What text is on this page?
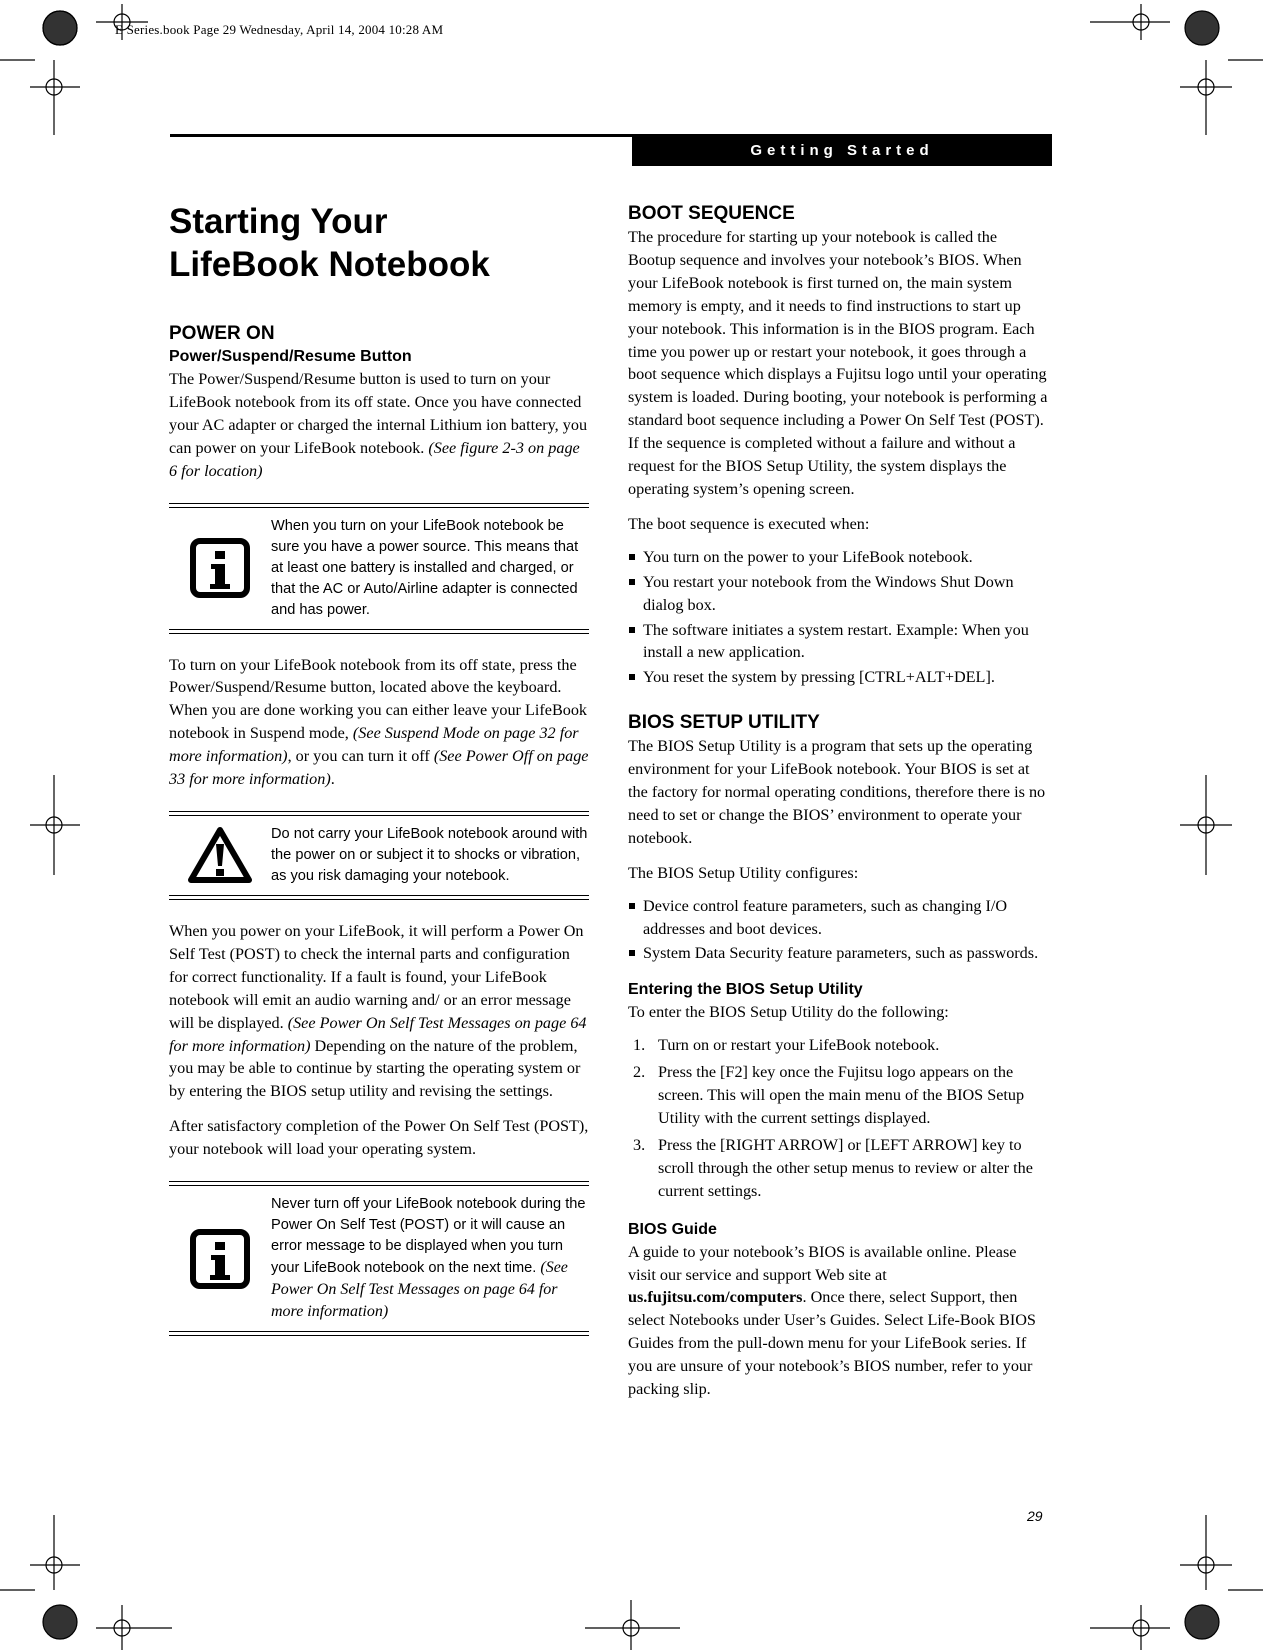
E Series.book Page 29 Wednesday, April 14, 2004 10:28 AM
Getting Started
Starting Your
LifeBook Notebook
POWER ON
Power/Suspend/Resume Button

The Power/Suspend/Resume button is used to turn on your LifeBook notebook from its off state. Once you have connected your AC adapter or charged the internal Lithium ion battery, you can power on your LifeBook notebook. (See figure 2-3 on page 6 for location)

When you turn on your LifeBook notebook be sure you have a power source. This means that at least one battery is installed and charged, or that the AC or Auto/Airline adapter is connected and has power.

To turn on your LifeBook notebook from its off state, press the Power/Suspend/Resume button, located above the keyboard. When you are done working you can either leave your LifeBook notebook in Suspend mode, (See Suspend Mode on page 32 for more information), or you can turn it off (See Power Off on page 33 for more information).

Do not carry your LifeBook notebook around with the power on or subject it to shocks or vibration, as you risk damaging your notebook.

When you power on your LifeBook, it will perform a Power On Self Test (POST) to check the internal parts and configuration for correct functionality. If a fault is found, your LifeBook notebook will emit an audio warning and/ or an error message will be displayed. (See Power On Self Test Messages on page 64 for more information) Depending on the nature of the problem, you may be able to continue by starting the operating system or by entering the BIOS setup utility and revising the settings.

After satisfactory completion of the Power On Self Test (POST), your notebook will load your operating system.

Never turn off your LifeBook notebook during the Power On Self Test (POST) or it will cause an error message to be displayed when you turn your LifeBook notebook on the next time. (See Power On Self Test Messages on page 64 for more information)
BOOT SEQUENCE

The procedure for starting up your notebook is called the Bootup sequence and involves your notebook’s BIOS. When your LifeBook notebook is first turned on, the main system memory is empty, and it needs to find instructions to start up your notebook. This information is in the BIOS program. Each time you power up or restart your notebook, it goes through a boot sequence which displays a Fujitsu logo until your operating system is loaded. During booting, your notebook is performing a standard boot sequence including a Power On Self Test (POST). If the sequence is completed without a failure and without a request for the BIOS Setup Utility, the system displays the operating system’s opening screen.

The boot sequence is executed when:

You turn on the power to your LifeBook notebook.
You restart your notebook from the Windows Shut Down dialog box.
The software initiates a system restart. Example: When you install a new application.
You reset the system by pressing [CTRL+ALT+DEL].
BIOS SETUP UTILITY

The BIOS Setup Utility is a program that sets up the operating environment for your LifeBook notebook. Your BIOS is set at the factory for normal operating conditions, therefore there is no need to set or change the BIOS’ environment to operate your notebook.

The BIOS Setup Utility configures:

Device control feature parameters, such as changing I/O addresses and boot devices.
System Data Security feature parameters, such as passwords.
Entering the BIOS Setup Utility

To enter the BIOS Setup Utility do the following:

1. Turn on or restart your LifeBook notebook.
2. Press the [F2] key once the Fujitsu logo appears on the screen. This will open the main menu of the BIOS Setup Utility with the current settings displayed.
3. Press the [RIGHT ARROW] or [LEFT ARROW] key to scroll through the other setup menus to review or alter the current settings.
BIOS Guide

A guide to your notebook’s BIOS is available online. Please visit our service and support Web site at us.fujitsu.com/computers. Once there, select Support, then select Notebooks under User’s Guides. Select Life-Book BIOS Guides from the pull-down menu for your LifeBook series. If you are unsure of your notebook’s BIOS number, refer to your packing slip.

29
